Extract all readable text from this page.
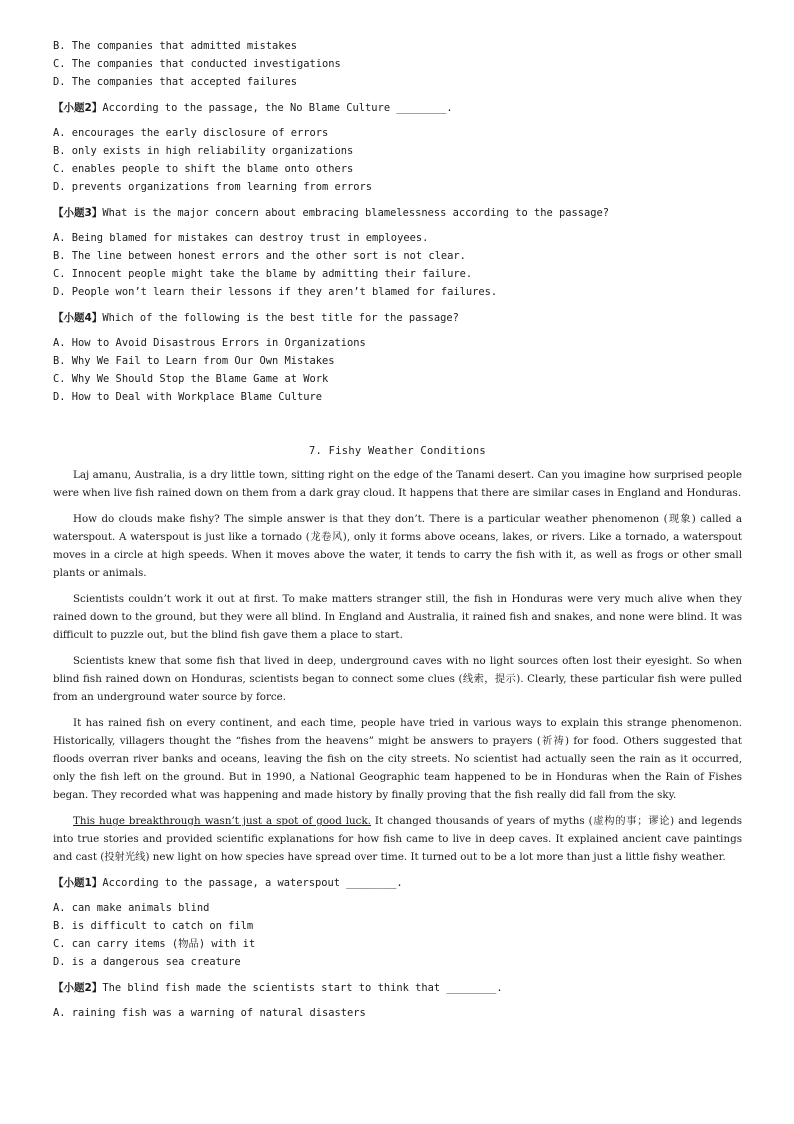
B. The companies that admitted mistakes
C. The companies that conducted investigations
D. The companies that accepted failures
【小题2】According to the passage, the No Blame Culture ________.
A. encourages the early disclosure of errors
B. only exists in high reliability organizations
C. enables people to shift the blame onto others
D. prevents organizations from learning from errors
【小题3】What is the major concern about embracing blamelessness according to the passage?
A. Being blamed for mistakes can destroy trust in employees.
B. The line between honest errors and the other sort is not clear.
C. Innocent people might take the blame by admitting their failure.
D. People won’t learn their lessons if they aren’t blamed for failures.
【小题4】Which of the following is the best title for the passage?
A. How to Avoid Disastrous Errors in Organizations
B. Why We Fail to Learn from Our Own Mistakes
C. Why We Should Stop the Blame Game at Work
D. How to Deal with Workplace Blame Culture
7. Fishy Weather Conditions

Laj amanu, Australia, is a dry little town, sitting right on the edge of the Tanami desert. Can you imagine how surprised people were when live fish rained down on them from a dark gray cloud. It happens that there are similar cases in England and Honduras.

How do clouds make fishy? The simple answer is that they don’t. There is a particular weather phenomenon (现象) called a waterspout. A waterspout is just like a tornado (龙卷风), only it forms above oceans, lakes, or rivers. Like a tornado, a waterspout moves in a circle at high speeds. When it moves above the water, it tends to carry the fish with it, as well as frogs or other small plants or animals.

Scientists couldn’t work it out at first. To make matters stranger still, the fish in Honduras were very much alive when they rained down to the ground, but they were all blind. In England and Australia, it rained fish and snakes, and none were blind. It was difficult to puzzle out, but the blind fish gave them a place to start.

Scientists knew that some fish that lived in deep, underground caves with no light sources often lost their eyesight. So when blind fish rained down on Honduras, scientists began to connect some clues (线索，提示). Clearly, these particular fish were pulled from an underground water source by force.

It has rained fish on every continent, and each time, people have tried in various ways to explain this strange phenomenon. Historically, villagers thought the “fishes from the heavens” might be answers to prayers (祈祷) for food. Others suggested that floods overran river banks and oceans, leaving the fish on the city streets. No scientist had actually seen the rain as it occurred, only the fish left on the ground. But in 1990, a National Geographic team happened to be in Honduras when the Rain of Fishes began. They recorded what was happening and made history by finally proving that the fish really did fall from the sky.

This huge breakthrough wasn’t just a spot of good luck. It changed thousands of years of myths (虚构的事；谬论) and legends into true stories and provided scientific explanations for how fish came to live in deep caves. It explained ancient cave paintings and cast (投射光线) new light on how species have spread over time. It turned out to be a lot more than just a little fishy weather.

【小题1】According to the passage, a waterspout ________.
A. can make animals blind
B. is difficult to catch on film
C. can carry items (物品) with it
D. is a dangerous sea creature
【小题2】The blind fish made the scientists start to think that ________.
A. raining fish was a warning of natural disasters
